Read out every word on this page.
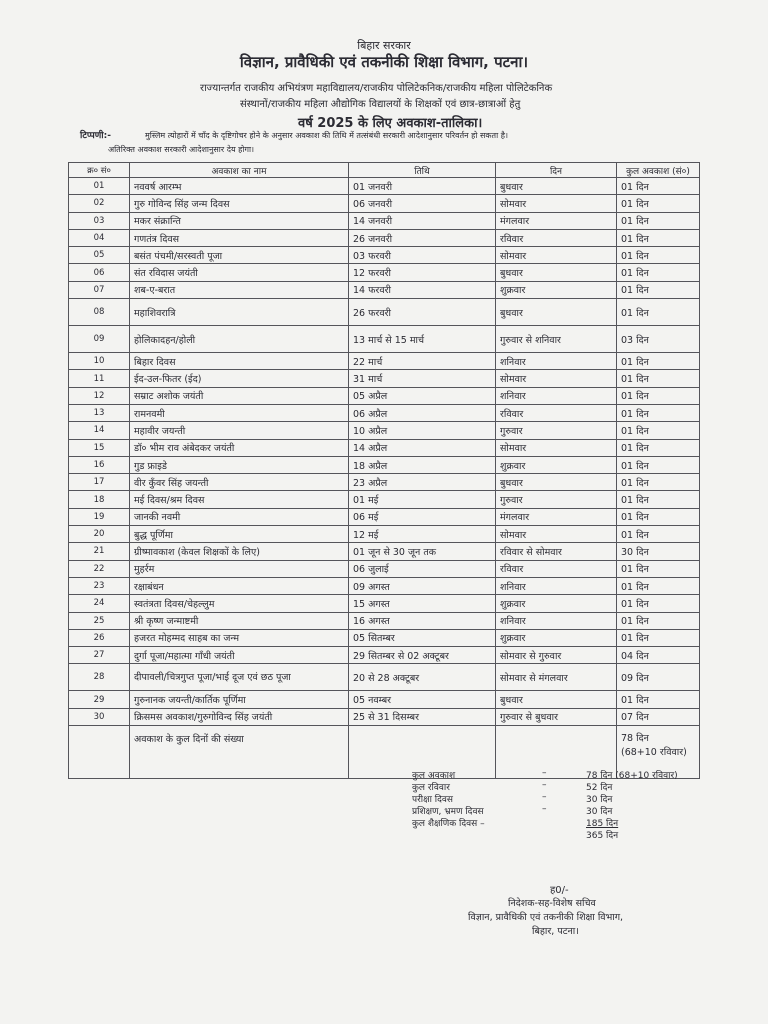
बिहार सरकार
विज्ञान, प्रावैधिकी एवं तकनीकी शिक्षा विभाग, पटना।
राज्यान्तर्गत राजकीय अभियंत्रण महाविद्यालय/राजकीय पोलिटेकनिक/राजकीय महिला पोलिटेकनिक
संस्थानों/राजकीय महिला औद्योगिक विद्यालयों के शिक्षकों एवं छात्र-छात्राओं हेतु
वर्ष 2025 के लिए अवकाश-तालिका।
टिप्पणी:-	मुस्लिम त्योहारों में चाँद के दृष्टिगोचर होने के अनुसार अवकाश की तिथि में तत्संबंधी सरकारी आदेशानुसार परिवर्तन हो सकता है।
अतिरिक्त अवकाश सरकारी आदेशानुसार देय होगा।
क्र० सं०	अवकाश का नाम	तिथि	दिन	कुल अवकाश (सं०)
01	नववर्ष आरम्भ	01 जनवरी	बुधवार	01 दिन
02	गुरु गोविन्द सिंह जन्म दिवस	06 जनवरी	सोमवार	01 दिन
03	मकर संक्रान्ति	14 जनवरी	मंगलवार	01 दिन
04	गणतंत्र दिवस	26 जनवरी	रविवार	01 दिन
05	बसंत पंचमी/सरस्वती पूजा	03 फरवरी	सोमवार	01 दिन
06	संत रविदास जयंती	12 फरवरी	बुधवार	01 दिन
07	शब-ए-बरात	14 फरवरी	शुक्रवार	01 दिन
08	महाशिवरात्रि	26 फरवरी	बुधवार	01 दिन
09	होलिकादहन/होली	13 मार्च से 15 मार्च	गुरुवार से शनिवार	03 दिन
10	बिहार दिवस	22 मार्च	शनिवार	01 दिन
11	ईद-उल-फितर (ईद)	31 मार्च	सोमवार	01 दिन
12	सम्राट अशोक जयंती	05 अप्रैल	शनिवार	01 दिन
13	रामनवमी	06 अप्रैल	रविवार	01 दिन
14	महावीर जयन्ती	10 अप्रैल	गुरुवार	01 दिन
15	डॉ० भीम राव अंबेदकर जयंती	14 अप्रैल	सोमवार	01 दिन
16	गुड फ्राइडे	18 अप्रैल	शुक्रवार	01 दिन
17	वीर कुँवर सिंह जयन्ती	23 अप्रैल	बुधवार	01 दिन
18	मई दिवस/श्रम दिवस	01 मई	गुरुवार	01 दिन
19	जानकी नवमी	06 मई	मंगलवार	01 दिन
20	बुद्ध पूर्णिमा	12 मई	सोमवार	01 दिन
21	ग्रीष्मावकाश (केवल शिक्षकों के लिए)	01 जून से 30 जून तक	रविवार से सोमवार	30 दिन
22	मुहर्रम	06 जुलाई	रविवार	01 दिन
23	रक्षाबंधन	09 अगस्त	शनिवार	01 दिन
24	स्वतंत्रता दिवस/चेहल्लुम	15 अगस्त	शुक्रवार	01 दिन
25	श्री कृष्ण जन्माष्टमी	16 अगस्त	शनिवार	01 दिन
26	हजरत मोहम्मद साहब का जन्म	05 सितम्बर	शुक्रवार	01 दिन
27	दुर्गा पूजा/महात्मा गाँधी जयंती	29 सितम्बर से 02 अक्टूबर	सोमवार से गुरुवार	04 दिन
28	दीपावली/चित्रगुप्त पूजा/भाई दूज एवं छठ पूजा	20 से 28 अक्टूबर	सोमवार से मंगलवार	09 दिन
29	गुरुनानक जयन्ती/कार्तिक पूर्णिमा	05 नवम्बर	बुधवार	01 दिन
30	क्रिसमस अवकाश/गुरुगोविन्द सिंह जयंती	25 से 31 दिसम्बर	गुरुवार से बुधवार	07 दिन
	अवकाश के कुल दिनों की संख्या			78 दिन
(68+10 रविवार)
कुल अवकाश	–	78 दिन (68+10 रविवार)
कुल रविवार	–	52 दिन
परीक्षा दिवस	–	30 दिन
प्रशिक्षण, भ्रमण दिवस	–	30 दिन
कुल शैक्षणिक दिवस –	185 दिन
365 दिन
ह0/-
निदेशक-सह-विशेष सचिव
विज्ञान, प्रावैधिकी एवं तकनीकी शिक्षा विभाग,
बिहार, पटना।
